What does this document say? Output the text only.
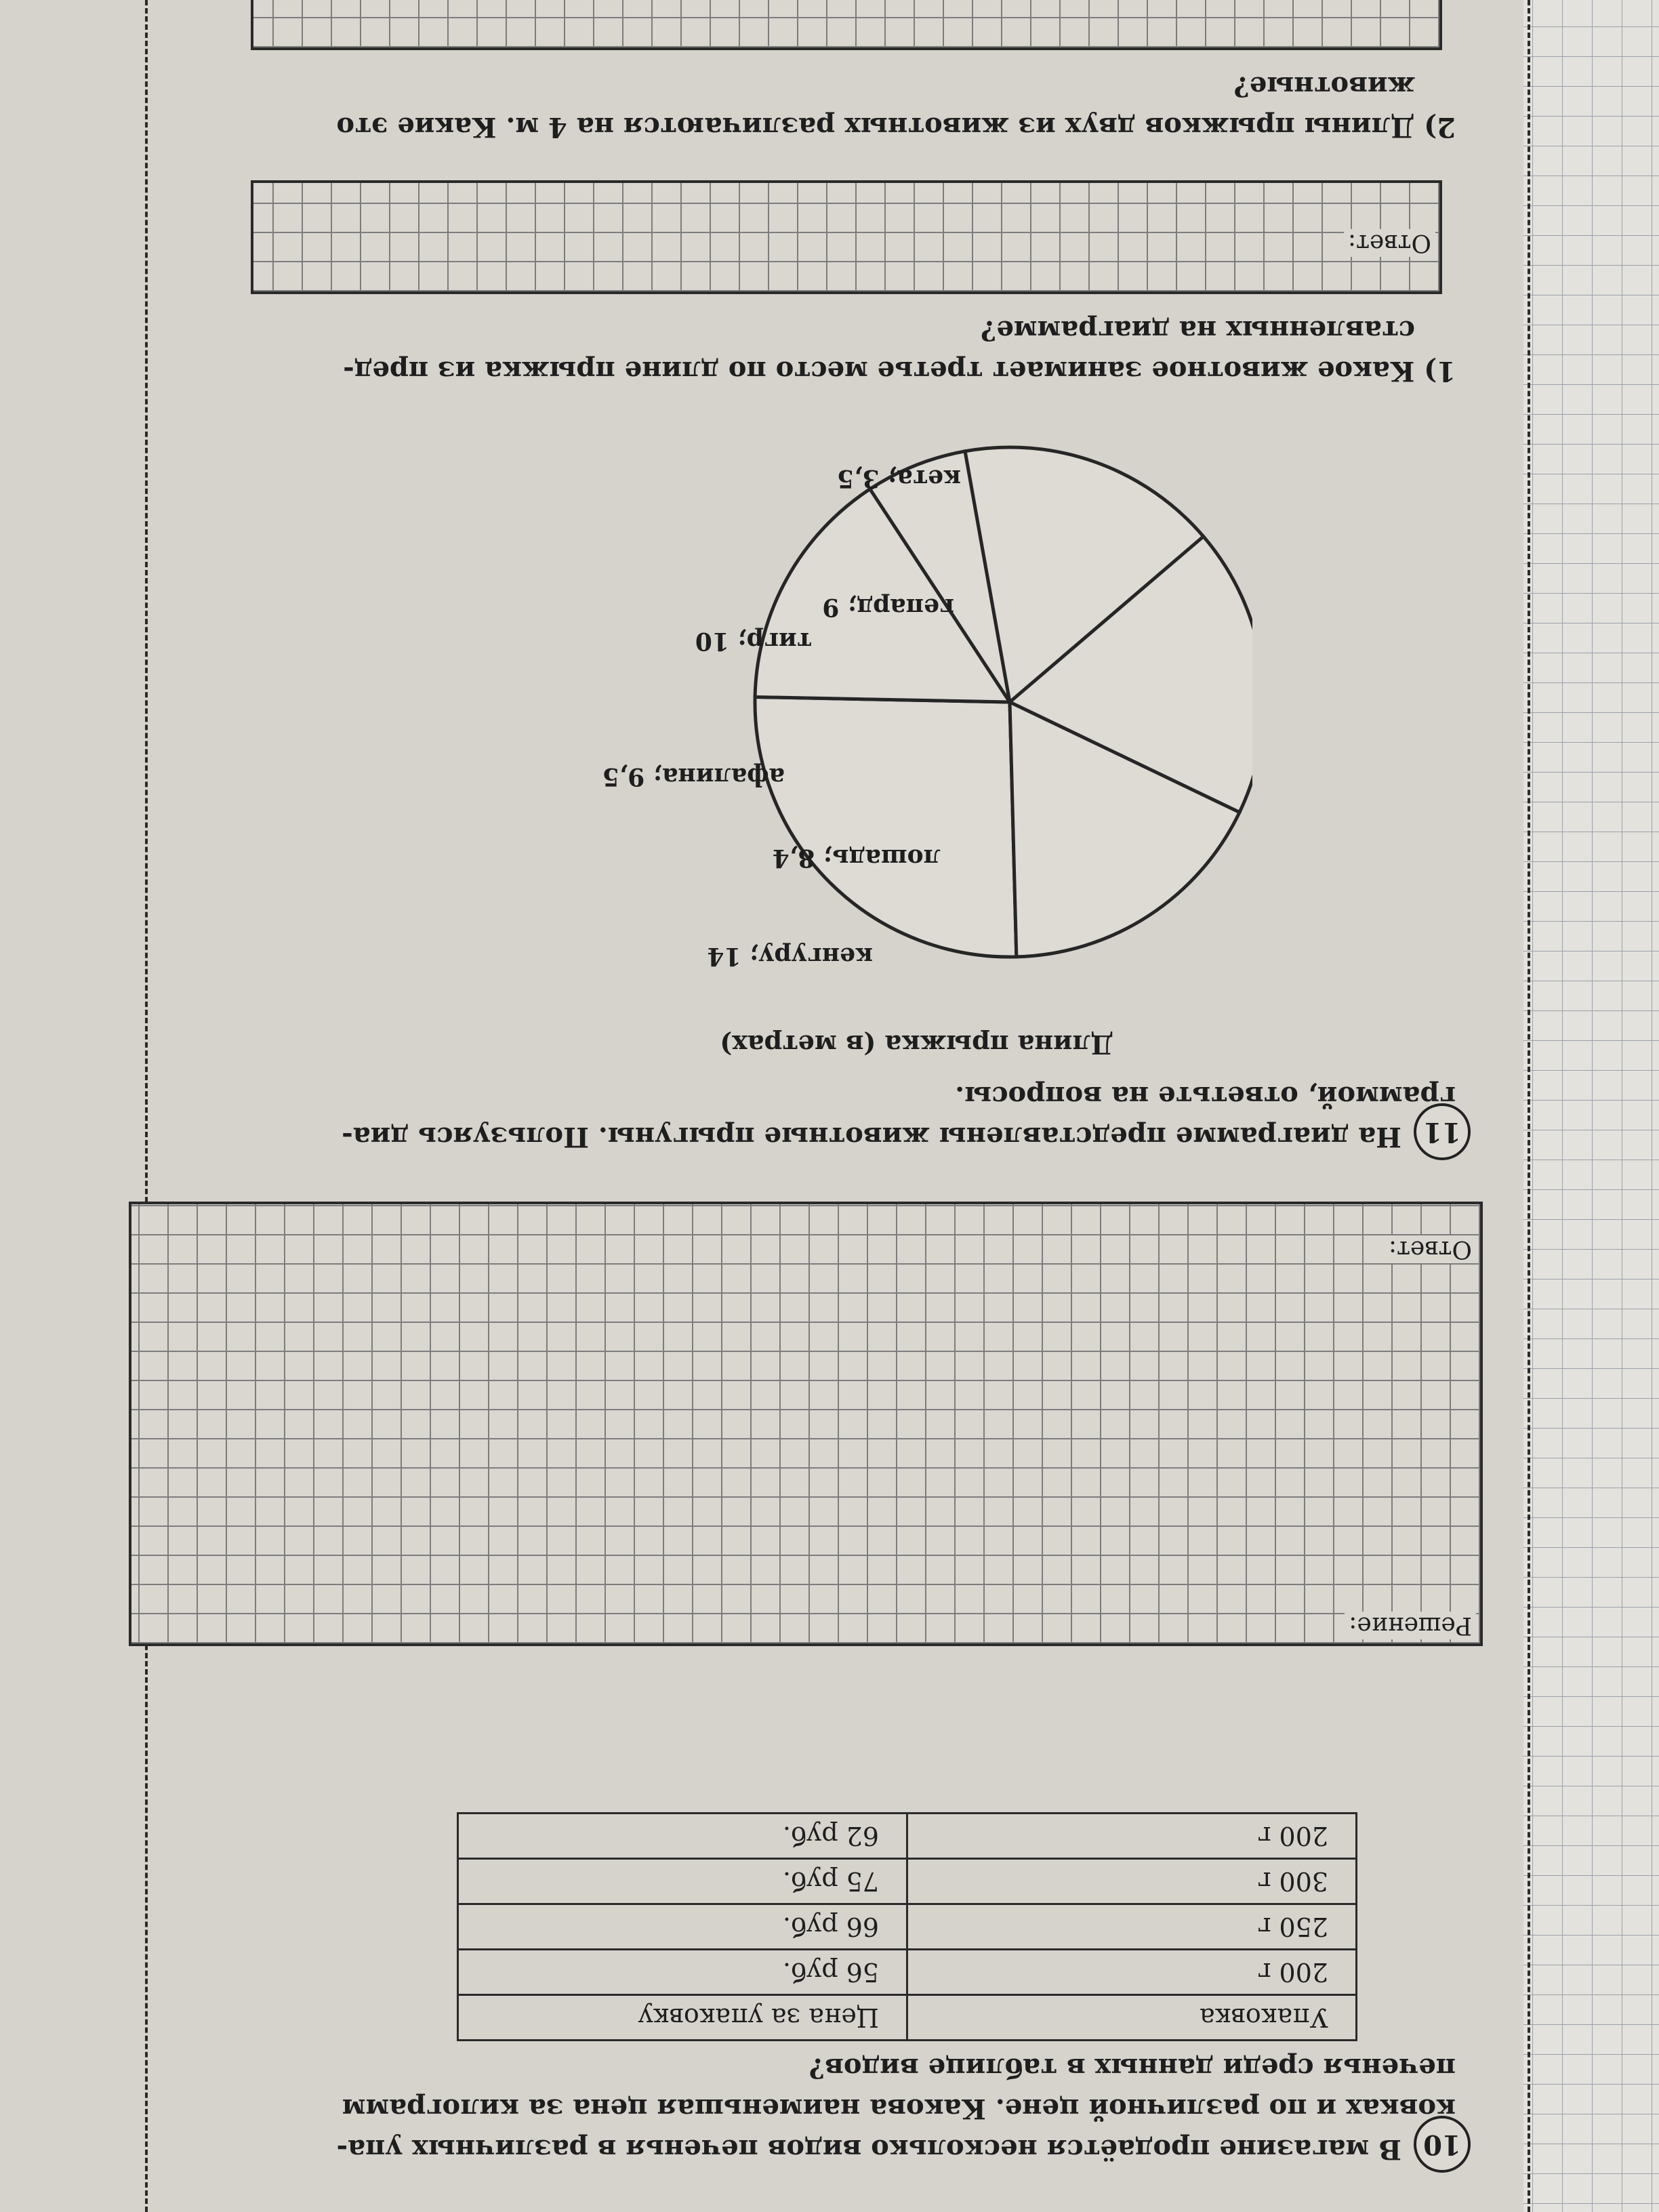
10
В магазине продаётся несколько видов печенья в различных упа-
ковках и по различной цене. Какова наименьшая цена за килограмм
печенья среди данных в таблице видов?
Упаковка	Цена за упаковку
200 г	56 руб.
250 г	66 руб.
300 г	75 руб.
200 г	62 руб.
Решение:
Ответ:
11
На диаграмме представлены животные прыгуны. Пользуясь диа-
граммой, ответьте на вопросы.
Длина прыжка (в метрах)
кенгуру; 14
лошадь; 8,4
кета; 3,5
гепард; 9
тигр; 10
афалина; 9,5
1) Какое животное занимает третье место по длине прыжка из пред-
ставленных на диаграмме?
Ответ:
2) Длины прыжков двух из животных различаются на 4 м. Какие это
животные?
